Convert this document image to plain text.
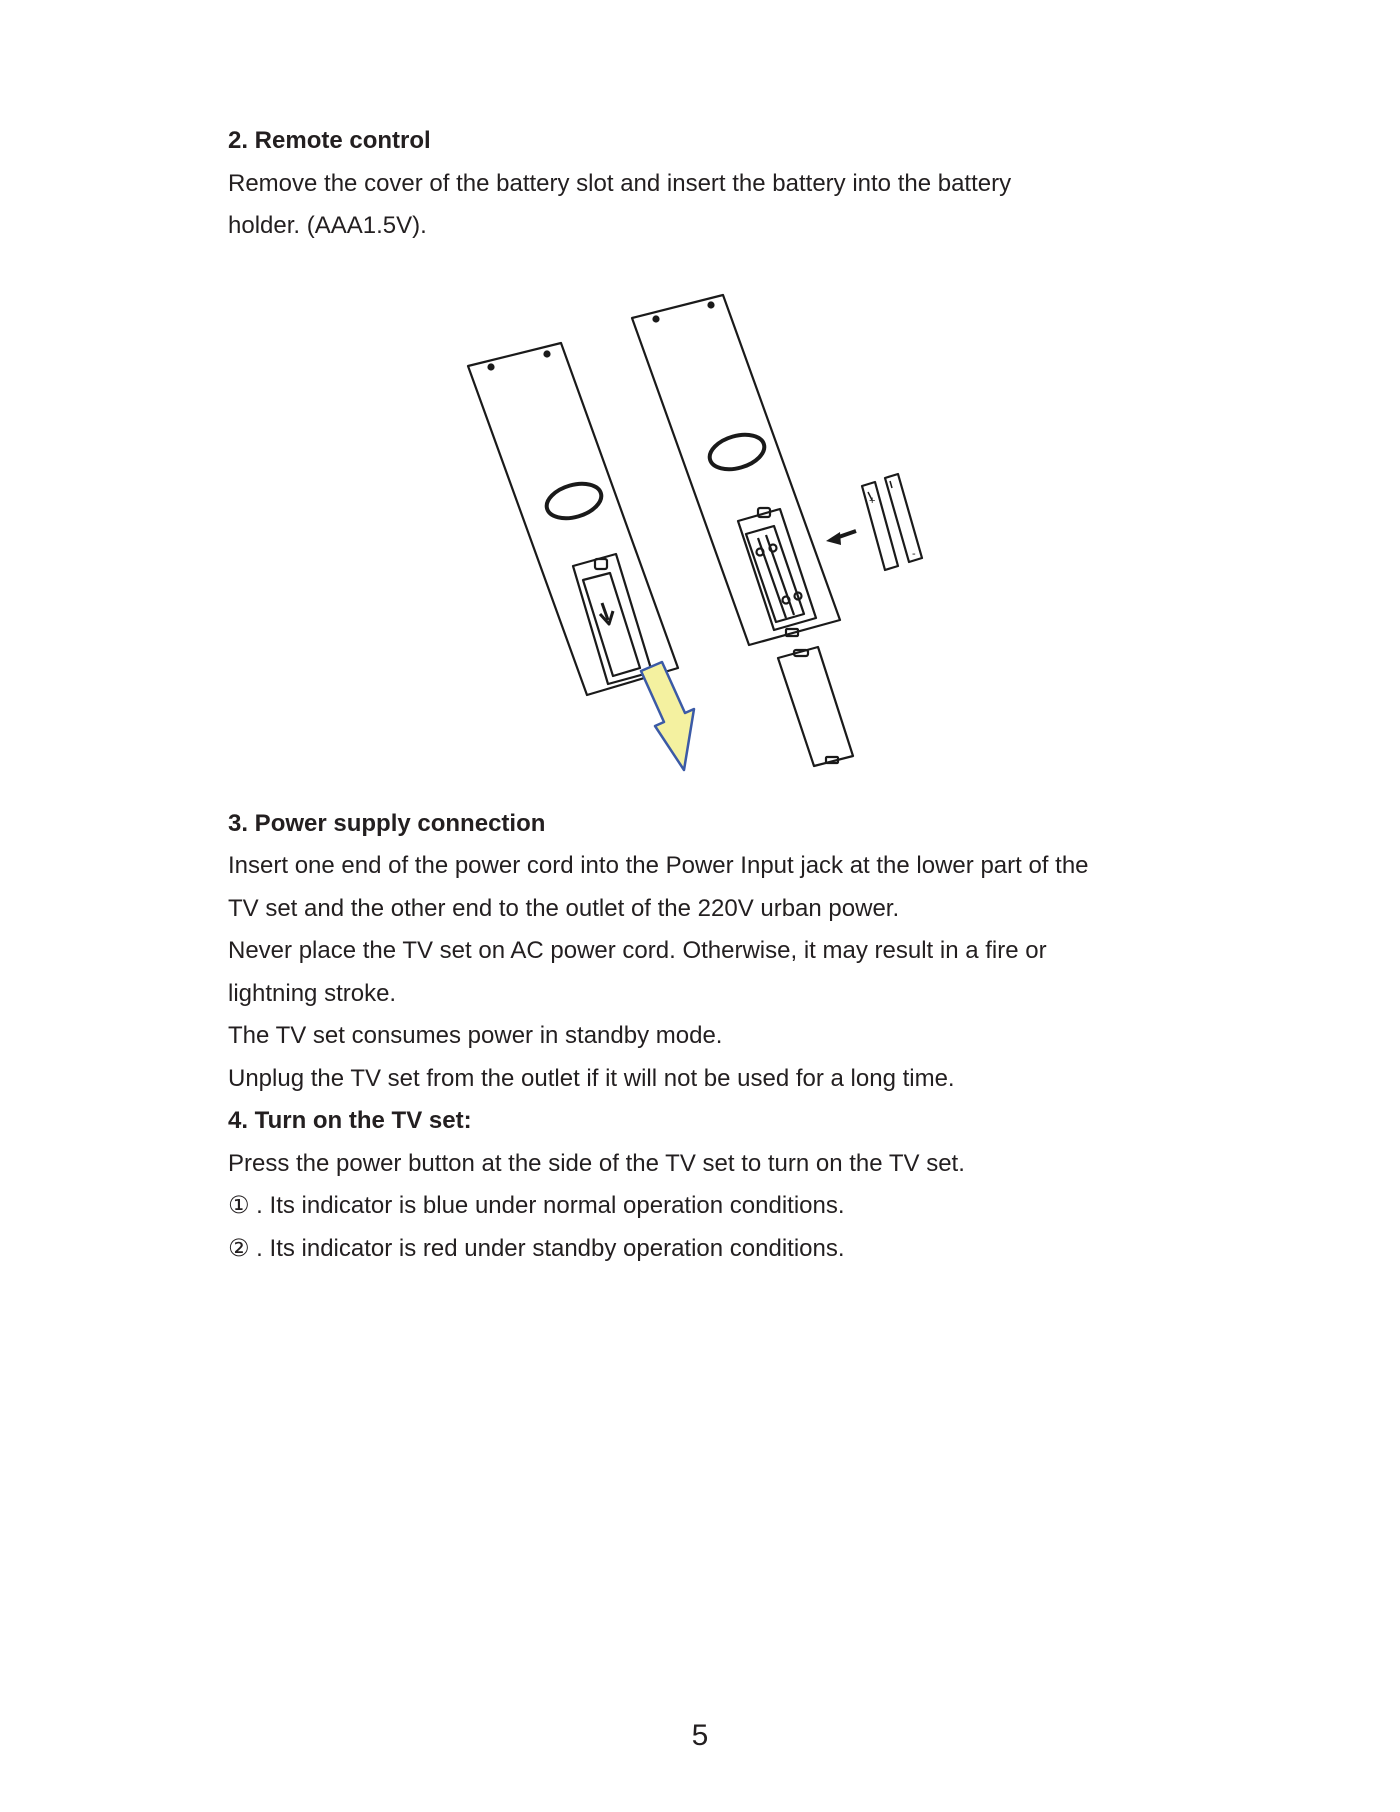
2. Remote control

Remove the cover of the battery slot and insert the battery into the battery

holder. (AAA1.5V).

+
-
3. Power supply connection

Insert one end of the power cord into the Power Input jack at the lower part of the

TV set and the other end to the outlet of the 220V urban power.

Never place the TV set on AC power cord. Otherwise, it may result in a fire or

lightning stroke.

The TV set consumes power in standby mode.

Unplug the TV set from the outlet if it will not be used for a long time.

4. Turn on the TV set:

Press the power button at the side of the TV set to turn on the TV set.

① . Its indicator is blue under normal operation conditions.

② . Its indicator is red under standby operation conditions.

5
